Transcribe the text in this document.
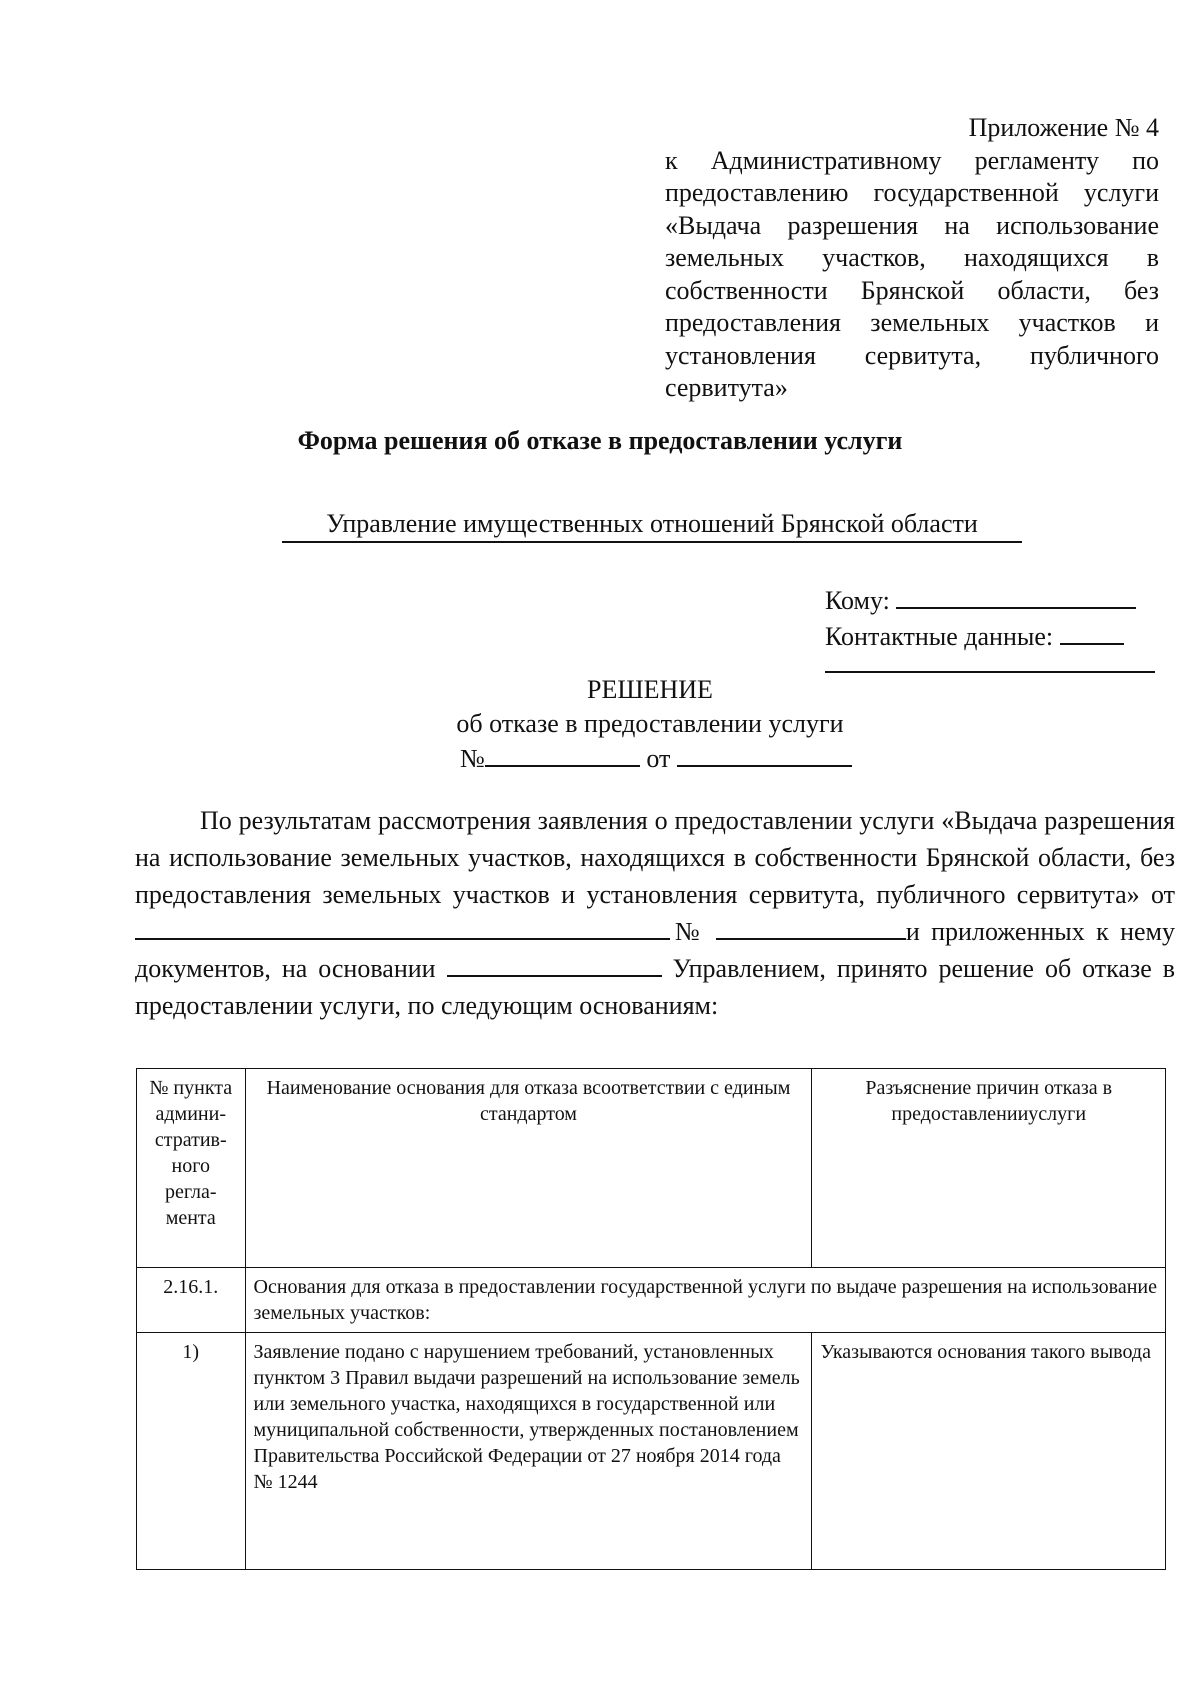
Приложение № 4
к Административному регламенту по предоставлению государственной услуги «Выдача разрешения на использование земельных участков, находящихся в собственности Брянской области, без предоставления земельных участков и установления сервитута, публичного сервитута»
Форма решения об отказе в предоставлении услуги
Управление имущественных отношений Брянской области
Кому:
Контактные данные:
РЕШЕНИЕ
об отказе в предоставлении услуги
№	от
По результатам рассмотрения заявления о предоставлении услуги «Выдача разрешения на использование земельных участков, находящихся в собственности Брянской области, без предоставления земельных участков и установления сервитута, публичного сервитута» от№	и приложенных к нему документов, на основании	Управлением, принято решение об отказе в предоставлении услуги, по следующим основаниям:
№ пункта админи-стратив-ного регла-мента	Наименование основания для отказа всоответствии с единым стандартом	Разъяснение причин отказа в предоставленииуслуги
2.16.1.	Основания для отказа в предоставлении государственной услуги по выдаче разрешения на использование земельных участков:	
1)	Заявление подано с нарушением требований, установленных пунктом 3 Правил выдачи разрешений на использование земель или земельного участка, находящихся в государственной или муниципальной собственности, утвержденных постановлением Правительства Российской Федерации от 27 ноября 2014 года № 1244	Указываются основания такого вывода
